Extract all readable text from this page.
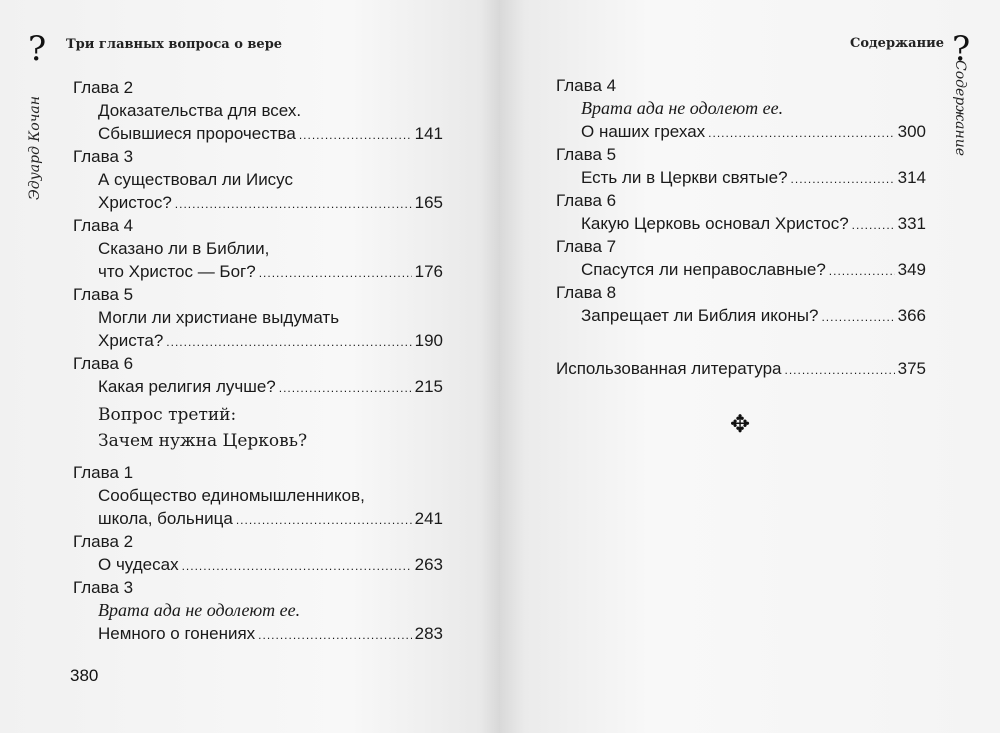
?
Эдуард Кочан
Три главных вопроса о вере
Глава 2
Доказательства для всех.
Сбывшиеся пророчества .....	141
Глава 3
А существовал ли Иисус
Христос? .....	165
Глава 4
Сказано ли в Библии,
что Христос — Бог? .....	176
Глава 5
Могли ли христиане выдумать
Христа? .....	190
Глава 6
Какая религия лучше? .....	215
Вопрос третий:
Зачем нужна Церковь?
Глава 1
Сообщество единомышленников,
школа, больница .....	241
Глава 2
О чудесах .....	263
Глава 3
Врата ада не одолеют ее.
Немного о гонениях .....	283
380
Содержание ?
Содержание
Глава 4
Врата ада не одолеют ее.
О наших грехах .....	300
Глава 5
Есть ли в Церкви святые? .....	314
Глава 6
Какую Церковь основал Христос? .....	331
Глава 7
Спасутся ли неправославные? .....	349
Глава 8
Запрещает ли Библия иконы? .....	366
Использованная литература .....	375
✥
